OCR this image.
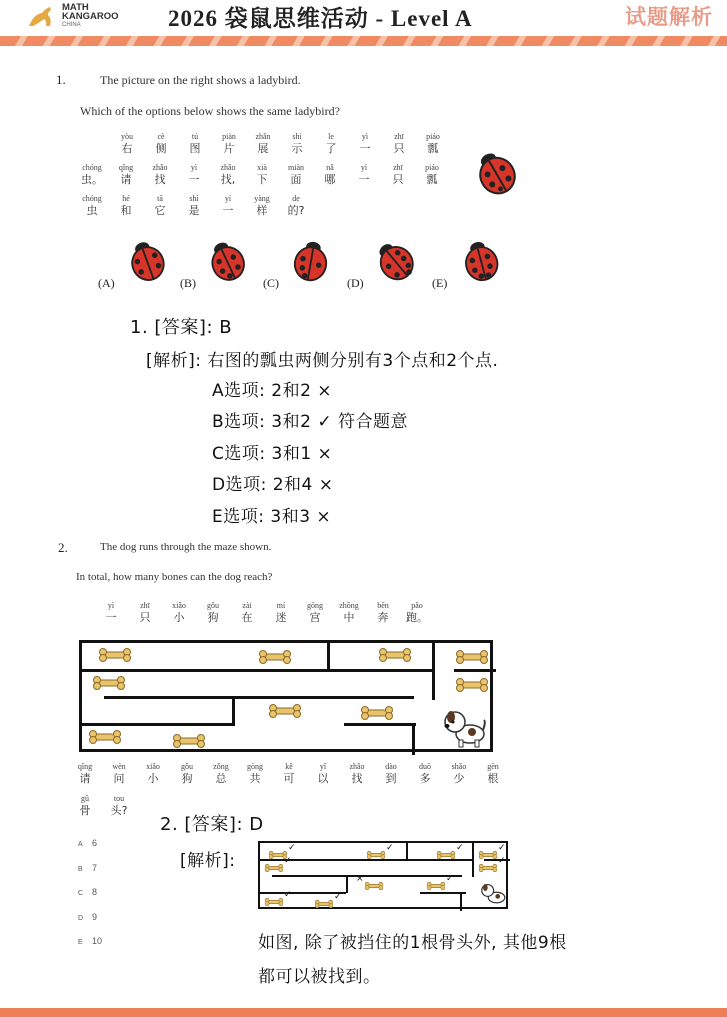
MATH
KANGAROO
CHINA	2026 袋鼠思维活动 - Level A	试题解析
1.	The picture on the right shows a ladybird.
Which of the options below shows the same ladybird?
yòu
右
cè
侧
tú
图
piàn
片
zhǎn
展
shì
示
le
了
yì
一
zhī
只
piáo
瓢
chóng
虫。
qǐng
请
zhǎo
找
yì
一
zhǎo
找,
xià
下
miàn
面
nǎ
哪
yì
一
zhī
只
piáo
瓢
chóng
虫
hé
和
tā
它
shì
是
yí
一
yàng
样
de
的?
(A)	(B)	(C)	(D)	(E)
1. [答案]: B
[解析]: 右图的瓢虫两侧分别有3个点和2个点.
A选项: 2和2 ×
B选项: 3和2 ✓ 符合题意
C选项: 3和1 ×
D选项: 2和4 ×
E选项: 3和3 ×
2.	The dog runs through the maze shown.
In total, how many bones can the dog reach?
yì
一
zhī
只
xiǎo
小
gǒu
狗
zài
在
mí
迷
gōng
宫
zhōng
中
bēn
奔
pǎo
跑。
qǐng
请
wèn
问
xiǎo
小
gǒu
狗
zǒng
总
gòng
共
kě
可
yǐ
以
zhǎo
找
dào
到
duō
多
shǎo
少
gēn
根
gǔ
骨
tou
头?
A 6
B 7
C 8
D 9
E 10
2. [答案]: D
[解析]:
✓	✓	✓	✓
✓	✓
×	✓
✓	✓
如图, 除了被挡住的1根骨头外, 其他9根
都可以被找到。
